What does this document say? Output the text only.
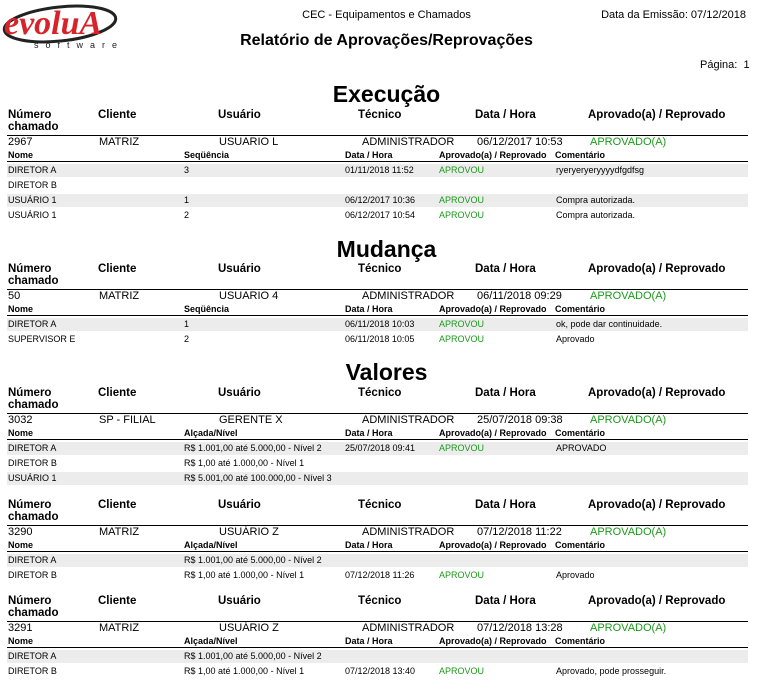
evoluA
software
CEC - Equipamentos e Chamados	Data da Emissão: 07/12/2018
Relatório de Aprovações/Reprovações
Página: 1
Execução
Número
chamado
Cliente	Usuário	Técnico	Data / Hora	Aprovado(a) / Reprovado
2967	MATRIZ	USUARIO L	ADMINISTRADOR 06/12/2017 10:53 APROVADO(A)
Nome	Seqüência	Data / Hora	Aprovado(a) / Reprovado Comentário
DIRETOR A	3	01/11/2018 11:52	APROVOU	ryeryeryeryyyydfgdfsg
DIRETOR B
USUÁRIO 1	1	06/12/2017 10:36	APROVOU	Compra autorizada.
USUÁRIO 1	2	06/12/2017 10:54	APROVOU	Compra autorizada.
Mudança
Número
chamado
Cliente	Usuário	Técnico	Data / Hora	Aprovado(a) / Reprovado
50	MATRIZ	USUARIO 4	ADMINISTRADOR 06/11/2018 09:29	APROVADO(A)
Nome	Seqüência	Data / Hora	Aprovado(a) / Reprovado Comentário
DIRETOR A	1	06/11/2018 10:03	APROVOU	ok, pode dar continuidade.
SUPERVISOR E	2	06/11/2018 10:05	APROVOU	Aprovado
Valores
Número
chamado
Cliente	Usuário	Técnico	Data / Hora	Aprovado(a) / Reprovado
3032	SP - FILIAL	GERENTE X	ADMINISTRADOR 25/07/2018 09:38 APROVADO(A)
Nome	Alçada/Nível	Data / Hora	Aprovado(a) / Reprovado Comentário
DIRETOR A	R$ 1.001,00 até 5.000,00 - Nível 2	25/07/2018 09:41	APROVOU	APROVADO
DIRETOR B	R$ 1,00 até 1.000,00 - Nível 1
USUÁRIO 1	R$ 5.001,00 até 100.000,00 - Nível 3
Número
chamado
Cliente	Usuário	Técnico	Data / Hora	Aprovado(a) / Reprovado
3290	MATRIZ	USUÁRIO Z	ADMINISTRADOR 07/12/2018 11:22	APROVADO(A)
Nome	Alçada/Nível	Data / Hora	Aprovado(a) / Reprovado Comentário
DIRETOR A	R$ 1.001,00 até 5.000,00 - Nível 2
DIRETOR B	R$ 1,00 até 1.000,00 - Nível 1	07/12/2018 11:26	APROVOU	Aprovado
Número
chamado
Cliente	Usuário	Técnico	Data / Hora	Aprovado(a) / Reprovado
3291	MATRIZ	USUÁRIO Z	ADMINISTRADOR 07/12/2018 13:28 APROVADO(A)
Nome	Alçada/Nível	Data / Hora	Aprovado(a) / Reprovado Comentário
DIRETOR A	R$ 1.001,00 até 5.000,00 - Nível 2
DIRETOR B	R$ 1,00 até 1.000,00 - Nível 1	07/12/2018 13:40	APROVOU	Aprovado, pode prosseguir.
